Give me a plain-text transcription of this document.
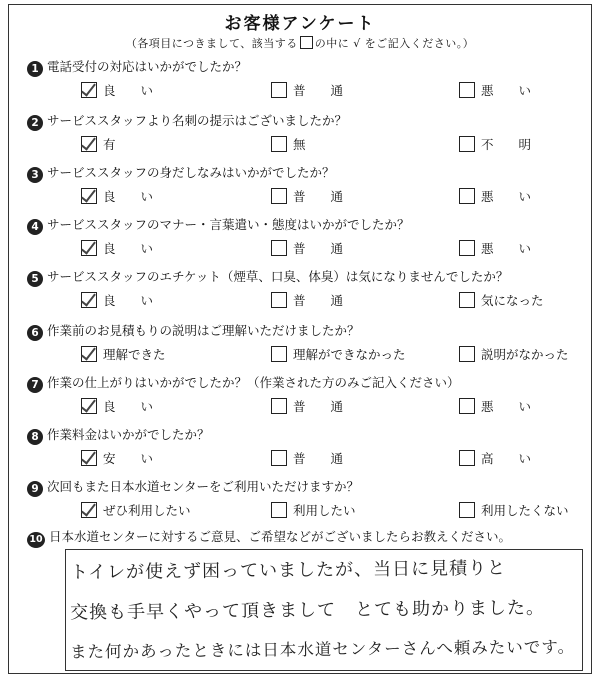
お客様アンケート
（各項目につきまして、該当する の中に √ をご記入ください。）
1 電話受付の対応はいかがでしたか？
良　　い	普　　通	悪　　い
2 サービススタッフより名刺の提示はございましたか？
有	無	不　　明
3 サービススタッフの身だしなみはいかがでしたか？
良　　い	普　　通	悪　　い
4 サービススタッフのマナー・言葉遣い・態度はいかがでしたか？
良　　い	普　　通	悪　　い
5 サービススタッフのエチケット（煙草、口臭、体臭）は気になりませんでしたか？
良　　い	普　　通	気になった
6 作業前のお見積もりの説明はご理解いただけましたか？
理解できた	理解ができなかった	説明がなかった
7 作業の仕上がりはいかがでしたか？（作業された方のみご記入ください）
良　　い	普　　通	悪　　い
8 作業料金はいかがでしたか？
安　　い	普　　通	高　　い
9 次回もまた日本水道センターをご利用いただけますか？
ぜひ利用したい	利用したい	利用したくない
10 日本水道センターに対するご意見、ご希望などがございましたらお教えください。
トイレが使えず困っていましたが、当日に見積りと
交換も手早くやって頂きまして　とても助かりました。
また何かあったときには日本水道センターさんへ頼みたいです。
